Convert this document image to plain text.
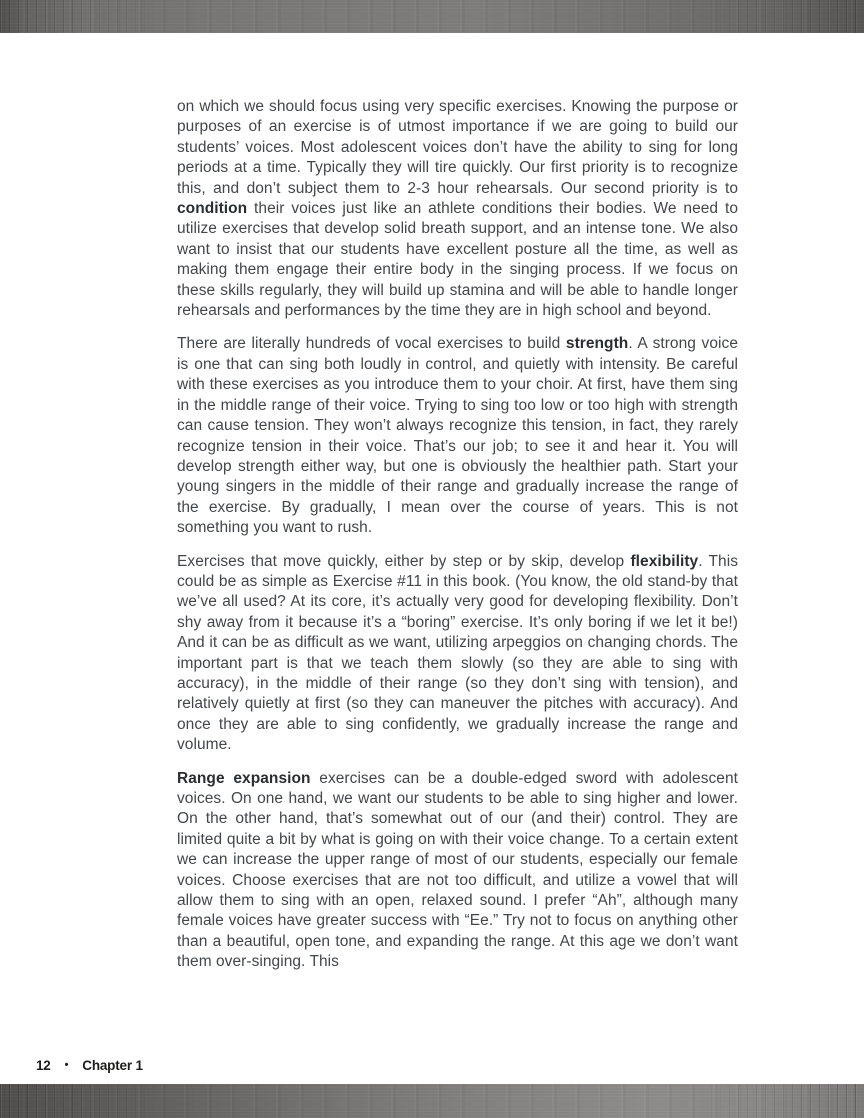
on which we should focus using very specific exercises. Knowing the purpose or purposes of an exercise is of utmost importance if we are going to build our students’ voices. Most adolescent voices don’t have the ability to sing for long periods at a time. Typically they will tire quickly. Our first priority is to recognize this, and don’t subject them to 2-3 hour rehearsals. Our second priority is to condition their voices just like an athlete conditions their bodies. We need to utilize exercises that develop solid breath support, and an intense tone. We also want to insist that our students have excellent posture all the time, as well as making them engage their entire body in the singing process. If we focus on these skills regularly, they will build up stamina and will be able to handle longer rehearsals and performances by the time they are in high school and beyond.

There are literally hundreds of vocal exercises to build strength. A strong voice is one that can sing both loudly in control, and quietly with intensity. Be careful with these exercises as you introduce them to your choir. At first, have them sing in the middle range of their voice. Trying to sing too low or too high with strength can cause tension. They won’t always recognize this tension, in fact, they rarely recognize tension in their voice. That’s our job; to see it and hear it. You will develop strength either way, but one is obviously the healthier path. Start your young singers in the middle of their range and gradually increase the range of the exercise. By gradually, I mean over the course of years. This is not something you want to rush.

Exercises that move quickly, either by step or by skip, develop flexibility. This could be as simple as Exercise #11 in this book. (You know, the old stand-by that we’ve all used? At its core, it’s actually very good for developing flexibility. Don’t shy away from it because it’s a “boring” exercise. It’s only boring if we let it be!) And it can be as difficult as we want, utilizing arpeggios on changing chords. The important part is that we teach them slowly (so they are able to sing with accuracy), in the middle of their range (so they don’t sing with tension), and relatively quietly at first (so they can maneuver the pitches with accuracy). And once they are able to sing confidently, we gradually increase the range and volume.

Range expansion exercises can be a double-edged sword with adolescent voices. On one hand, we want our students to be able to sing higher and lower. On the other hand, that’s somewhat out of our (and their) control. They are limited quite a bit by what is going on with their voice change. To a certain extent we can increase the upper range of most of our students, especially our female voices. Choose exercises that are not too difficult, and utilize a vowel that will allow them to sing with an open, relaxed sound. I prefer “Ah”, although many female voices have greater success with “Ee.” Try not to focus on anything other than a beautiful, open tone, and expanding the range. At this age we don’t want them over-singing. This

12 • Chapter 1
